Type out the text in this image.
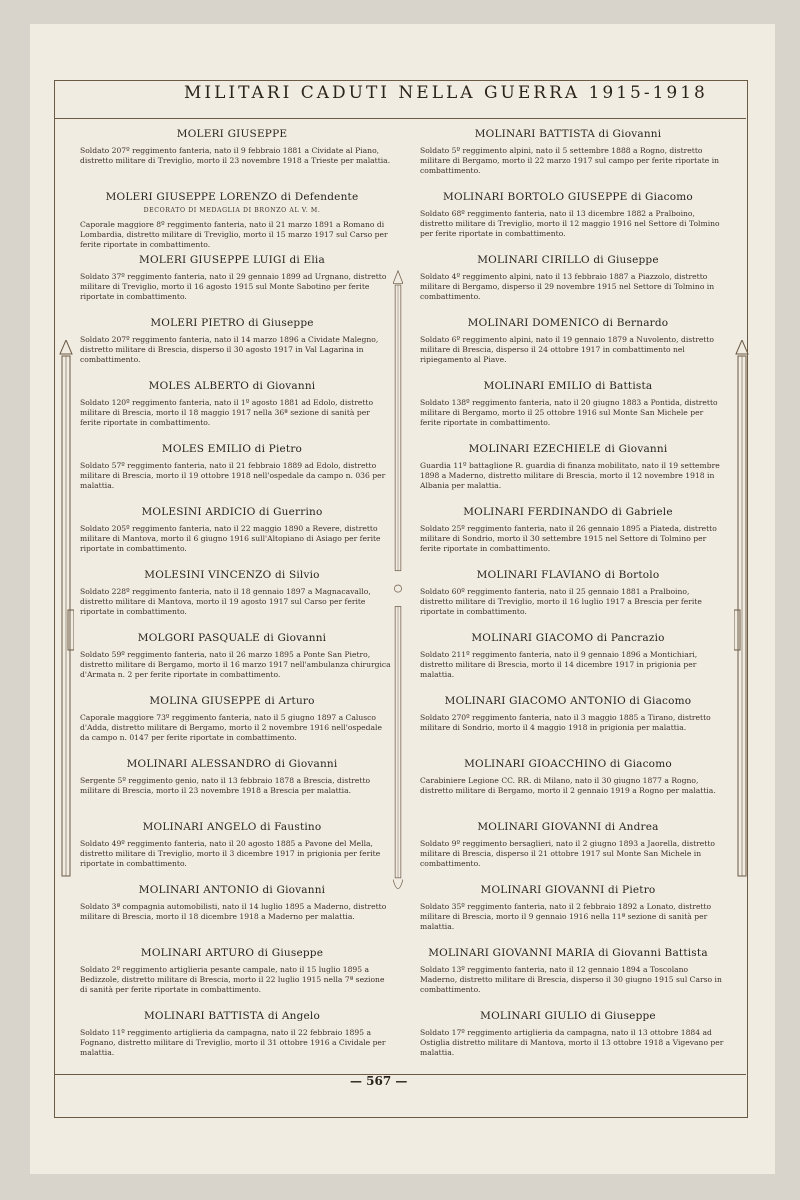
MILITARI CADUTI NELLA GUERRA 1915-1918
MOLERI GIUSEPPE
Soldato 207º reggimento fanteria, nato il 9 febbraio 1881 a Cividate al Piano, distretto militare di Treviglio, morto il 23 novembre 1918 a Trieste per malattia.
MOLERI GIUSEPPE LORENZO di Defendente
DECORATO DI MEDAGLIA DI BRONZO AL V. M.
Caporale maggiore 8º reggimento fanteria, nato il 21 marzo 1891 a Romano di Lombardia, distretto militare di Treviglio, morto il 15 marzo 1917 sul Carso per ferite riportate in combattimento.
MOLERI GIUSEPPE LUIGI di Elia
Soldato 37º reggimento fanteria, nato il 29 gennaio 1899 ad Urgnano, distretto militare di Treviglio, morto il 16 agosto 1915 sul Monte Sabotino per ferite riportate in combattimento.
MOLERI PIETRO di Giuseppe
Soldato 207º reggimento fanteria, nato il 14 marzo 1896 a Cividate Malegno, distretto militare di Brescia, disperso il 30 agosto 1917 in Val Lagarina in combattimento.
MOLES ALBERTO di Giovanni
Soldato 120º reggimento fanteria, nato il 1º agosto 1881 ad Edolo, distretto militare di Brescia, morto il 18 maggio 1917 nella 36ª sezione di sanità per ferite riportate in combattimento.
MOLES EMILIO di Pietro
Soldato 57º reggimento fanteria, nato il 21 febbraio 1889 ad Edolo, distretto militare di Brescia, morto il 19 ottobre 1918 nell'ospedale da campo n. 036 per malattia.
MOLESINI ARDICIO di Guerrino
Soldato 205º reggimento fanteria, nato il 22 maggio 1890 a Revere, distretto militare di Mantova, morto il 6 giugno 1916 sull'Altopiano di Asiago per ferite riportate in combattimento.
MOLESINI VINCENZO di Silvio
Soldato 228º reggimento fanteria, nato il 18 gennaio 1897 a Magnacavallo, distretto militare di Mantova, morto il 19 agosto 1917 sul Carso per ferite riportate in combattimento.
MOLGORI PASQUALE di Giovanni
Soldato 59º reggimento fanteria, nato il 26 marzo 1895 a Ponte San Pietro, distretto militare di Bergamo, morto il 16 marzo 1917 nell'ambulanza chirurgica d'Armata n. 2 per ferite riportate in combattimento.
MOLINA GIUSEPPE di Arturo
Caporale maggiore 73º reggimento fanteria, nato il 5 giugno 1897 a Calusco d'Adda, distretto militare di Bergamo, morto il 2 novembre 1916 nell'ospedale da campo n. 0147 per ferite riportate in combattimento.
MOLINARI ALESSANDRO di Giovanni
Sergente 5º reggimento genio, nato il 13 febbraio 1878 a Brescia, distretto militare di Brescia, morto il 23 novembre 1918 a Brescia per malattia.
MOLINARI ANGELO di Faustino
Soldato 49º reggimento fanteria, nato il 20 agosto 1885 a Pavone del Mella, distretto militare di Treviglio, morto il 3 dicembre 1917 in prigionia per ferite riportate in combattimento.
MOLINARI ANTONIO di Giovanni
Soldato 3ª compagnia automobilisti, nato il 14 luglio 1895 a Maderno, distretto militare di Brescia, morto il 18 dicembre 1918 a Maderno per malattia.
MOLINARI ARTURO di Giuseppe
Soldato 2º reggimento artiglieria pesante campale, nato il 15 luglio 1895 a Bedizzole, distretto militare di Brescia, morto il 22 luglio 1915 nella 7ª sezione di sanità per ferite riportate in combattimento.
MOLINARI BATTISTA di Angelo
Soldato 11º reggimento artiglieria da campagna, nato il 22 febbraio 1895 a Fognano, distretto militare di Treviglio, morto il 31 ottobre 1916 a Cividale per malattia.
MOLINARI BATTISTA di Giovanni
Soldato 5º reggimento alpini, nato il 5 settembre 1888 a Rogno, distretto militare di Bergamo, morto il 22 marzo 1917 sul campo per ferite riportate in combattimento.
MOLINARI BORTOLO GIUSEPPE di Giacomo
Soldato 68º reggimento fanteria, nato il 13 dicembre 1882 a Pralboino, distretto militare di Treviglio, morto il 12 maggio 1916 nel Settore di Tolmino per ferite riportate in combattimento.
MOLINARI CIRILLO di Giuseppe
Soldato 4º reggimento alpini, nato il 13 febbraio 1887 a Piazzolo, distretto militare di Bergamo, disperso il 29 novembre 1915 nel Settore di Tolmino in combattimento.
MOLINARI DOMENICO di Bernardo
Soldato 6º reggimento alpini, nato il 19 gennaio 1879 a Nuvolento, distretto militare di Brescia, disperso il 24 ottobre 1917 in combattimento nel ripiegamento al Piave.
MOLINARI EMILIO di Battista
Soldato 138º reggimento fanteria, nato il 20 giugno 1883 a Pontida, distretto militare di Bergamo, morto il 25 ottobre 1916 sul Monte San Michele per ferite riportate in combattimento.
MOLINARI EZECHIELE di Giovanni
Guardia 11º battaglione R. guardia di finanza mobilitato, nato il 19 settembre 1898 a Maderno, distretto militare di Brescia, morto il 12 novembre 1918 in Albania per malattia.
MOLINARI FERDINANDO di Gabriele
Soldato 25º reggimento fanteria, nato il 26 gennaio 1895 a Piateda, distretto militare di Sondrio, morto il 30 settembre 1915 nel Settore di Tolmino per ferite riportate in combattimento.
MOLINARI FLAVIANO di Bortolo
Soldato 60º reggimento fanteria, nato il 25 gennaio 1881 a Pralboino, distretto militare di Treviglio, morto il 16 luglio 1917 a Brescia per ferite riportate in combattimento.
MOLINARI GIACOMO di Pancrazio
Soldato 211º reggimento fanteria, nato il 9 gennaio 1896 a Montichiari, distretto militare di Brescia, morto il 14 dicembre 1917 in prigionia per malattia.
MOLINARI GIACOMO ANTONIO di Giacomo
Soldato 270º reggimento fanteria, nato il 3 maggio 1885 a Tirano, distretto militare di Sondrio, morto il 4 maggio 1918 in prigionia per malattia.
MOLINARI GIOACCHINO di Giacomo
Carabiniere Legione CC. RR. di Milano, nato il 30 giugno 1877 a Rogno, distretto militare di Bergamo, morto il 2 gennaio 1919 a Rogno per malattia.
MOLINARI GIOVANNI di Andrea
Soldato 9º reggimento bersaglieri, nato il 2 giugno 1893 a Jaorella, distretto militare di Brescia, disperso il 21 ottobre 1917 sul Monte San Michele in combattimento.
MOLINARI GIOVANNI di Pietro
Soldato 35º reggimento fanteria, nato il 2 febbraio 1892 a Lonato, distretto militare di Brescia, morto il 9 gennaio 1916 nella 11ª sezione di sanità per malattia.
MOLINARI GIOVANNI MARIA di Giovanni Battista
Soldato 13º reggimento fanteria, nato il 12 gennaio 1894 a Toscolano Maderno, distretto militare di Brescia, disperso il 30 giugno 1915 sul Carso in combattimento.
MOLINARI GIULIO di Giuseppe
Soldato 17º reggimento artiglieria da campagna, nato il 13 ottobre 1884 ad Ostiglia distretto militare di Mantova, morto il 13 ottobre 1918 a Vigevano per malattia.
— 567 —
